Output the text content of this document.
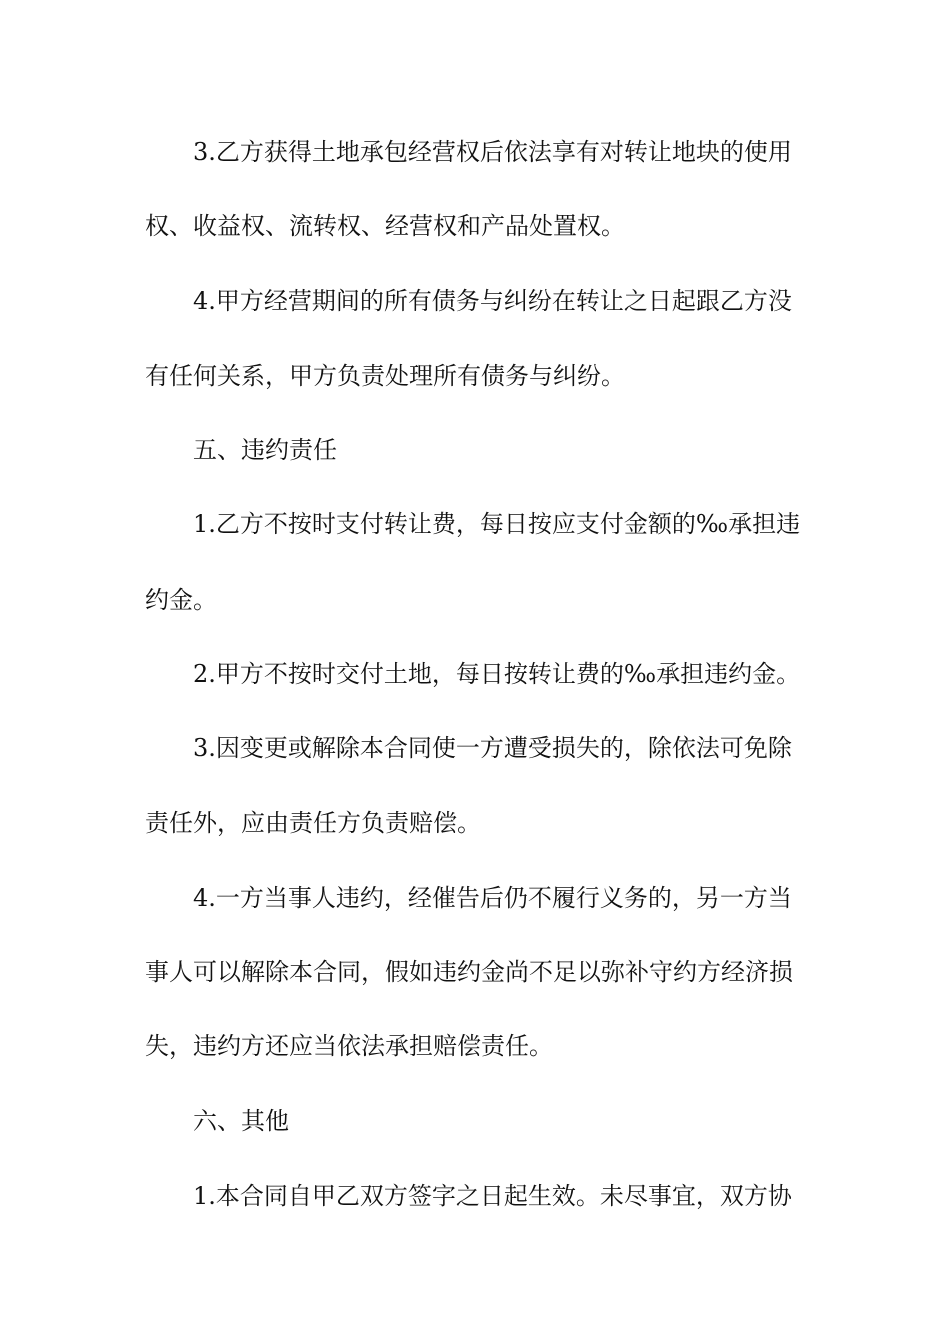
3.乙方获得土地承包经营权后依法享有对转让地块的使用

权、收益权、流转权、经营权和产品处置权。

4.甲方经营期间的所有债务与纠纷在转让之日起跟乙方没

有任何关系，甲方负责处理所有债务与纠纷。

五、违约责任

1.乙方不按时支付转让费，每日按应支付金额的‰承担违

约金。

2.甲方不按时交付土地，每日按转让费的‰承担违约金。

3.因变更或解除本合同使一方遭受损失的，除依法可免除

责任外，应由责任方负责赔偿。

4.一方当事人违约，经催告后仍不履行义务的，另一方当

事人可以解除本合同，假如违约金尚不足以弥补守约方经济损

失，违约方还应当依法承担赔偿责任。

六、其他

1.本合同自甲乙双方签字之日起生效。未尽事宜，双方协
